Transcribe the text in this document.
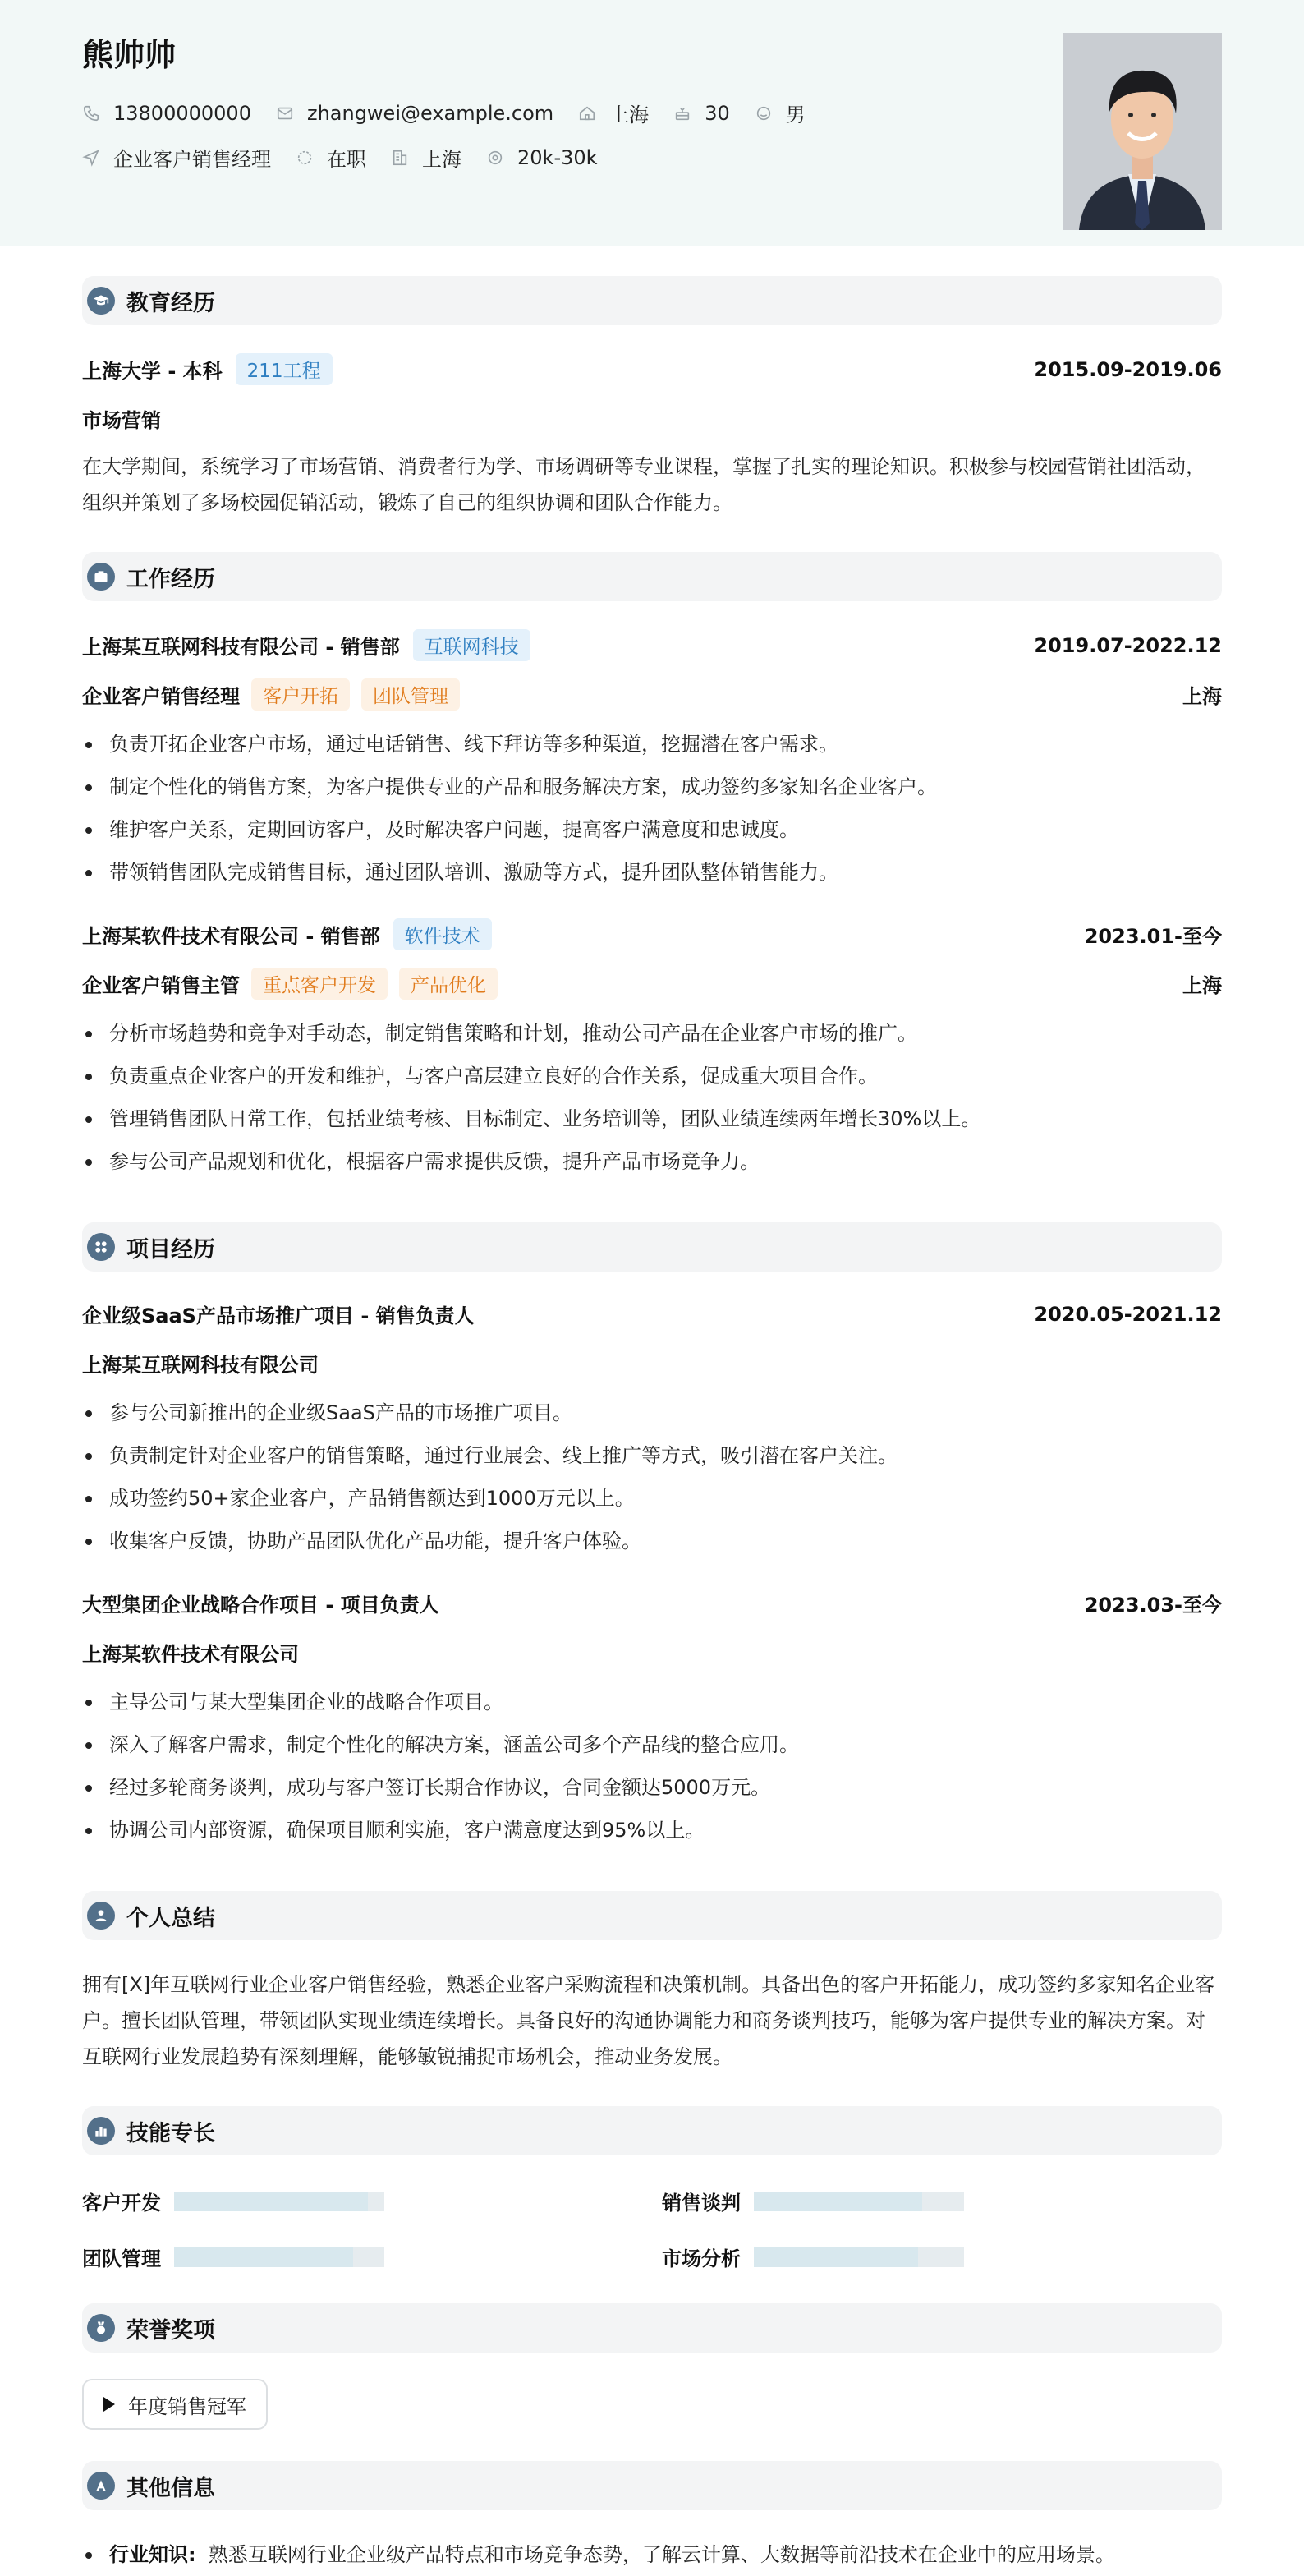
熊帅帅
13800000000	zhangwei@example.com	上海	30	男
企业客户销售经理	在职	上海	20k-30k
教育经历
上海大学 - 本科	211工程	2015.09-2019.06
市场营销
在大学期间，系统学习了市场营销、消费者行为学、市场调研等专业课程，掌握了扎实的理论知识。积极参与校园营销社团活动，组织并策划了多场校园促销活动，锻炼了自己的组织协调和团队合作能力。
工作经历
上海某互联网科技有限公司 - 销售部	互联网科技	2019.07-2022.12
企业客户销售经理	客户开拓	团队管理	上海
负责开拓企业客户市场，通过电话销售、线下拜访等多种渠道，挖掘潜在客户需求。
制定个性化的销售方案，为客户提供专业的产品和服务解决方案，成功签约多家知名企业客户。
维护客户关系，定期回访客户，及时解决客户问题，提高客户满意度和忠诚度。
带领销售团队完成销售目标，通过团队培训、激励等方式，提升团队整体销售能力。
上海某软件技术有限公司 - 销售部	软件技术	2023.01-至今
企业客户销售主管	重点客户开发	产品优化	上海
分析市场趋势和竞争对手动态，制定销售策略和计划，推动公司产品在企业客户市场的推广。
负责重点企业客户的开发和维护，与客户高层建立良好的合作关系，促成重大项目合作。
管理销售团队日常工作，包括业绩考核、目标制定、业务培训等，团队业绩连续两年增长30%以上。
参与公司产品规划和优化，根据客户需求提供反馈，提升产品市场竞争力。
项目经历
企业级SaaS产品市场推广项目 - 销售负责人	2020.05-2021.12
上海某互联网科技有限公司
参与公司新推出的企业级SaaS产品的市场推广项目。
负责制定针对企业客户的销售策略，通过行业展会、线上推广等方式，吸引潜在客户关注。
成功签约50+家企业客户，产品销售额达到1000万元以上。
收集客户反馈，协助产品团队优化产品功能，提升客户体验。
大型集团企业战略合作项目 - 项目负责人	2023.03-至今
上海某软件技术有限公司
主导公司与某大型集团企业的战略合作项目。
深入了解客户需求，制定个性化的解决方案，涵盖公司多个产品线的整合应用。
经过多轮商务谈判，成功与客户签订长期合作协议，合同金额达5000万元。
协调公司内部资源，确保项目顺利实施，客户满意度达到95%以上。
个人总结
拥有[X]年互联网行业企业客户销售经验，熟悉企业客户采购流程和决策机制。具备出色的客户开拓能力，成功签约多家知名企业客户。擅长团队管理，带领团队实现业绩连续增长。具备良好的沟通协调能力和商务谈判技巧，能够为客户提供专业的解决方案。对互联网行业发展趋势有深刻理解，能够敏锐捕捉市场机会，推动业务发展。
技能专长
客户开发	销售谈判
团队管理	市场分析
荣誉奖项
年度销售冠军
其他信息
行业知识: 熟悉互联网行业企业级产品特点和市场竞争态势，了解云计算、大数据等前沿技术在企业中的应用场景。
